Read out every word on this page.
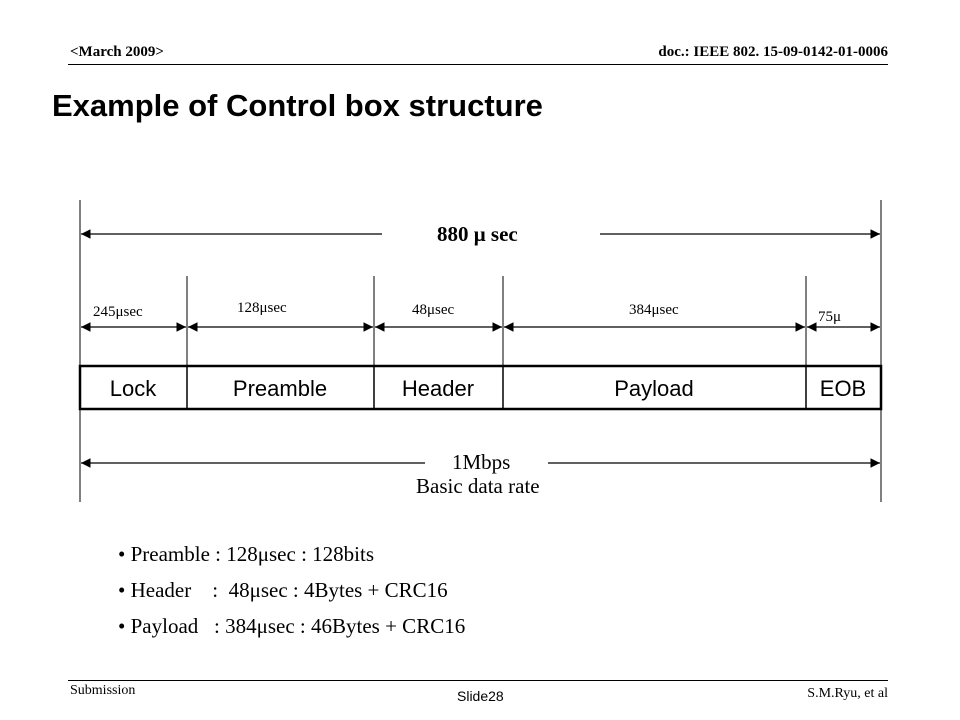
<March 2009>	doc.: IEEE 802. 15-09-0142-01-0006
Example of Control box structure
Lock	Preamble	Header	Payload	EOB
880 μ sec
245μsec	128μsec	48μsec	384μsec	75μ
1Mbps
Basic data rate
• Preamble : 128μsec : 128bits
• Header    :  48μsec : 4Bytes + CRC16
• Payload   : 384μsec : 46Bytes + CRC16
Submission	Slide28	S.M.Ryu, et al
